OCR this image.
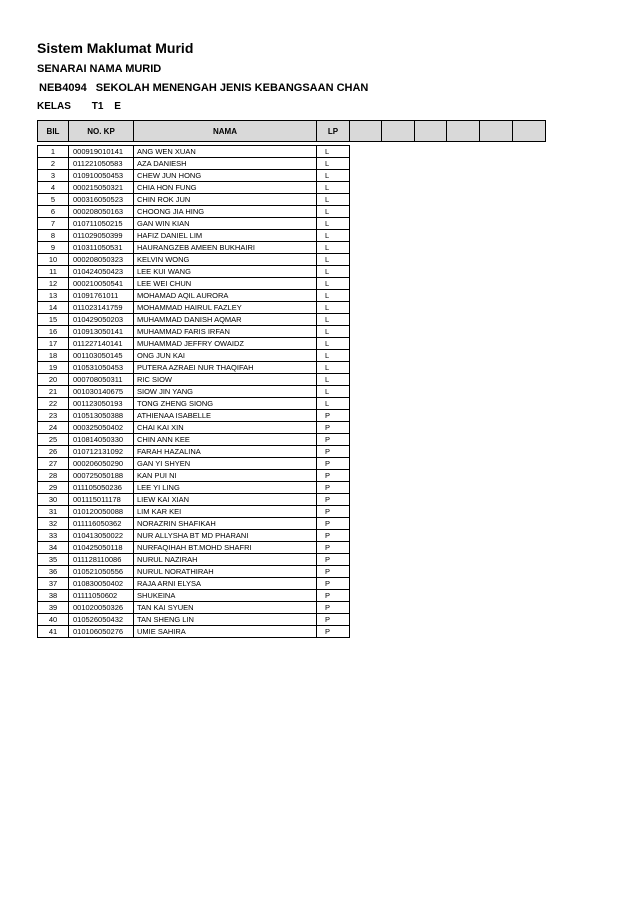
Sistem Maklumat Murid
SENARAI NAMA MURID
NEB4094 SEKOLAH MENENGAH JENIS KEBANGSAAN CHAN
KELAS T1 E
BIL	NO. KP	NAMA	LP						

1	000919010141	ANG WEN XUAN	L						
2	011221050583	AZA DANIESH	L						
3	010910050453	CHEW JUN HONG	L						
4	000215050321	CHIA HON FUNG	L						
5	000316050523	CHIN ROK JUN	L						
6	000208050163	CHOONG JIA HING	L						
7	010711050215	GAN WIN KIAN	L						
8	011029050399	HAFIZ DANIEL LIM	L						
9	010311050531	HAURANGZEB AMEEN BUKHAIRI	L						
10	000208050323	KELVIN WONG	L						
11	010424050423	LEE KUI WANG	L						
12	000210050541	LEE WEI CHUN	L						
13	01091761011	MOHAMAD AQIL AURORA	L						
14	011023141759	MOHAMMAD HAIRUL FAZLEY	L						
15	010429050203	MUHAMMAD DANISH AQMAR	L						
16	010913050141	MUHAMMAD FARIS IRFAN	L						
17	011227140141	MUHAMMAD JEFFRY OWAIDZ	L						
18	001103050145	ONG JUN KAI	L						
19	010531050453	PUTERA AZRAEI NUR THAQIFAH	L						
20	000708050311	RIC SIOW	L						
21	001030140675	SIOW JIN YANG	L						
22	001123050193	TONG ZHENG SIONG	L						
23	010513050388	ATHIENAA ISABELLE	P						
24	000325050402	CHAI KAI XIN	P						
25	010814050330	CHIN ANN KEE	P						
26	010712131092	FARAH HAZALINA	P						
27	000206050290	GAN YI SHYEN	P						
28	000725050188	KAN PUI NI	P						
29	011105050236	LEE YI LING	P						
30	001115011178	LIEW KAI XIAN	P						
31	010120050088	LIM KAR KEI	P						
32	011116050362	NORAZRIN SHAFIKAH	P						
33	010413050022	NUR ALLYSHA BT MD PHARANI	P						
34	010425050118	NURFAQIHAH BT.MOHD SHAFRI	P						
35	011128110086	NURUL NAZIRAH	P						
36	010521050556	NURUL NORATHIRAH	P						
37	010830050402	RAJA ARNI ELYSA	P						
38	01111050602	SHUKEINA	P						
39	001020050326	TAN KAI SYUEN	P						
40	010526050432	TAN SHENG LIN	P						
41	010106050276	UMIE SAHIRA	P						
